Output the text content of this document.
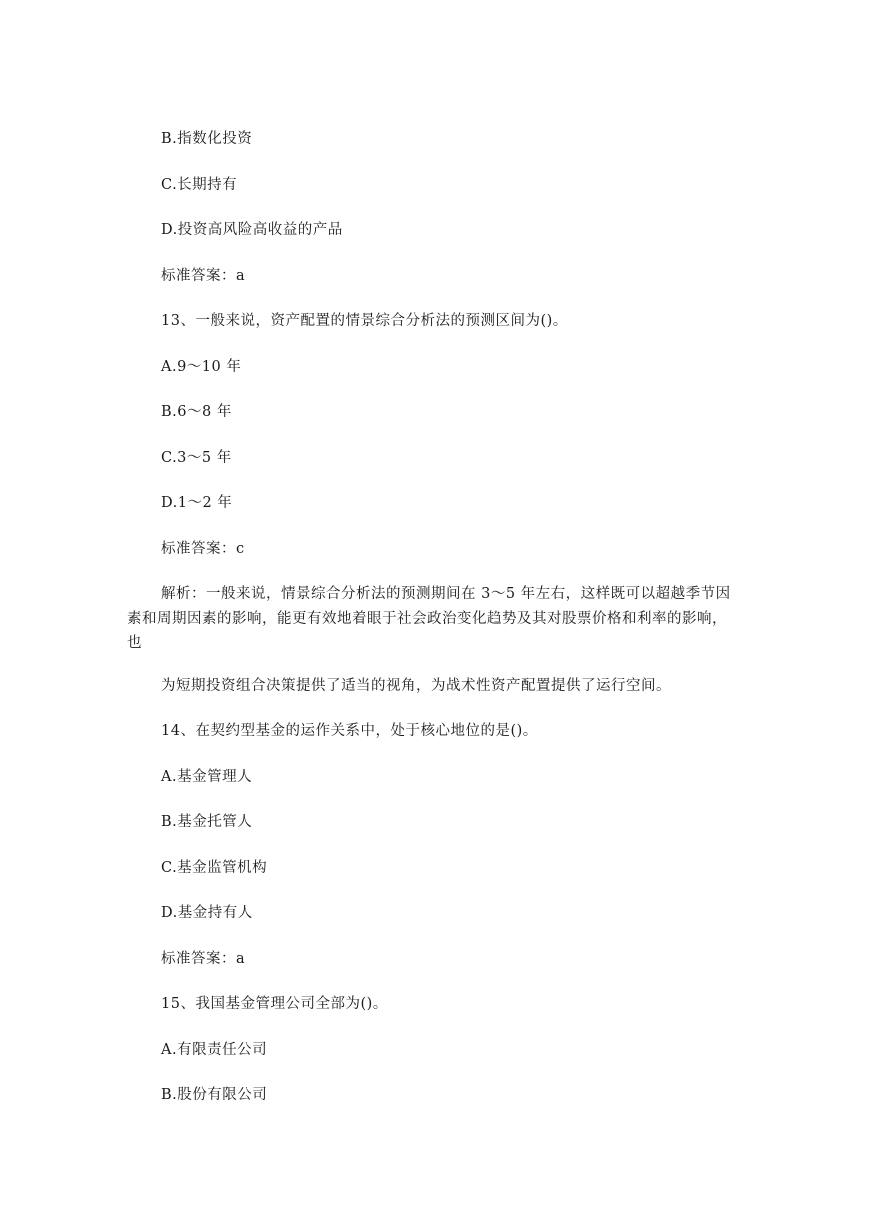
B.指数化投资
C.长期持有
D.投资高风险高收益的产品
标准答案：a
13、一般来说，资产配置的情景综合分析法的预测区间为()。
A.9～10 年
B.6～8 年
C.3～5 年
D.1～2 年
标准答案：c
解析：一般来说，情景综合分析法的预测期间在 3～5 年左右，这样既可以超越季节因
素和周期因素的影响，能更有效地着眼于社会政治变化趋势及其对股票价格和利率的影响，
也
为短期投资组合决策提供了适当的视角，为战术性资产配置提供了运行空间。
14、在契约型基金的运作关系中，处于核心地位的是()。
A.基金管理人
B.基金托管人
C.基金监管机构
D.基金持有人
标准答案：a
15、我国基金管理公司全部为()。
A.有限责任公司
B.股份有限公司
